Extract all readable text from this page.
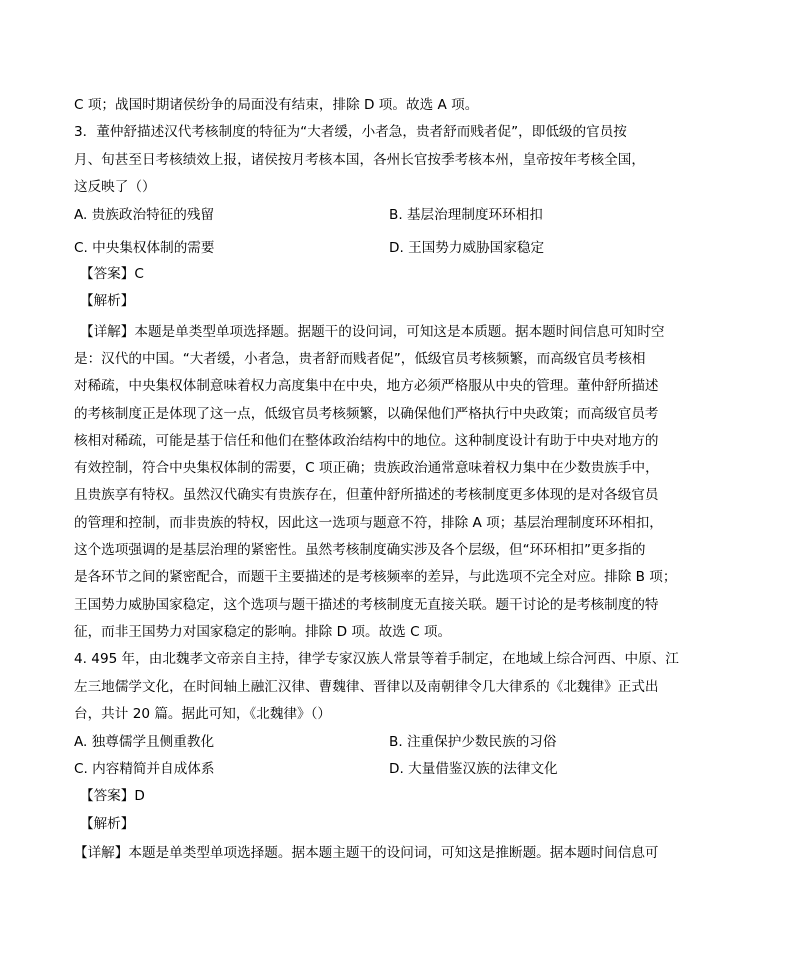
C 项；战国时期诸侯纷争的局面没有结束，排除 D 项。故选 A 项。
3．董仲舒描述汉代考核制度的特征为“大者缓，小者急，贵者舒而贱者促”，即低级的官员按
月、旬甚至日考核绩效上报，诸侯按月考核本国，各州长官按季考核本州，皇帝按年考核全国，
这反映了（）
A. 贵族政治特征的残留	B. 基层治理制度环环相扣
C. 中央集权体制的需要	D. 王国势力威胁国家稳定
【答案】C
【解析】
【详解】本题是单类型单项选择题。据题干的设问词，可知这是本质题。据本题时间信息可知时空
是：汉代的中国。“大者缓，小者急，贵者舒而贱者促”，低级官员考核频繁，而高级官员考核相
对稀疏，中央集权体制意味着权力高度集中在中央，地方必须严格服从中央的管理。董仲舒所描述
的考核制度正是体现了这一点，低级官员考核频繁，以确保他们严格执行中央政策；而高级官员考
核相对稀疏，可能是基于信任和他们在整体政治结构中的地位。这种制度设计有助于中央对地方的
有效控制，符合中央集权体制的需要，C 项正确；贵族政治通常意味着权力集中在少数贵族手中，
且贵族享有特权。虽然汉代确实有贵族存在，但董仲舒所描述的考核制度更多体现的是对各级官员
的管理和控制，而非贵族的特权，因此这一选项与题意不符，排除 A 项；基层治理制度环环相扣，
这个选项强调的是基层治理的紧密性。虽然考核制度确实涉及各个层级，但“环环相扣”更多指的
是各环节之间的紧密配合，而题干主要描述的是考核频率的差异，与此选项不完全对应。排除 B 项；
王国势力威胁国家稳定，这个选项与题干描述的考核制度无直接关联。题干讨论的是考核制度的特
征，而非王国势力对国家稳定的影响。排除 D 项。故选 C 项。
4. 495 年，由北魏孝文帝亲自主持，律学专家汉族人常景等着手制定，在地域上综合河西、中原、江
左三地儒学文化，在时间轴上融汇汉律、曹魏律、晋律以及南朝律令几大律系的《北魏律》正式出
台，共计 20 篇。据此可知，《北魏律》（）
A. 独尊儒学且侧重教化	B. 注重保护少数民族的习俗
C. 内容精简并自成体系	D. 大量借鉴汉族的法律文化
【答案】D
【解析】
【详解】本题是单类型单项选择题。据本题主题干的设问词，可知这是推断题。据本题时间信息可
